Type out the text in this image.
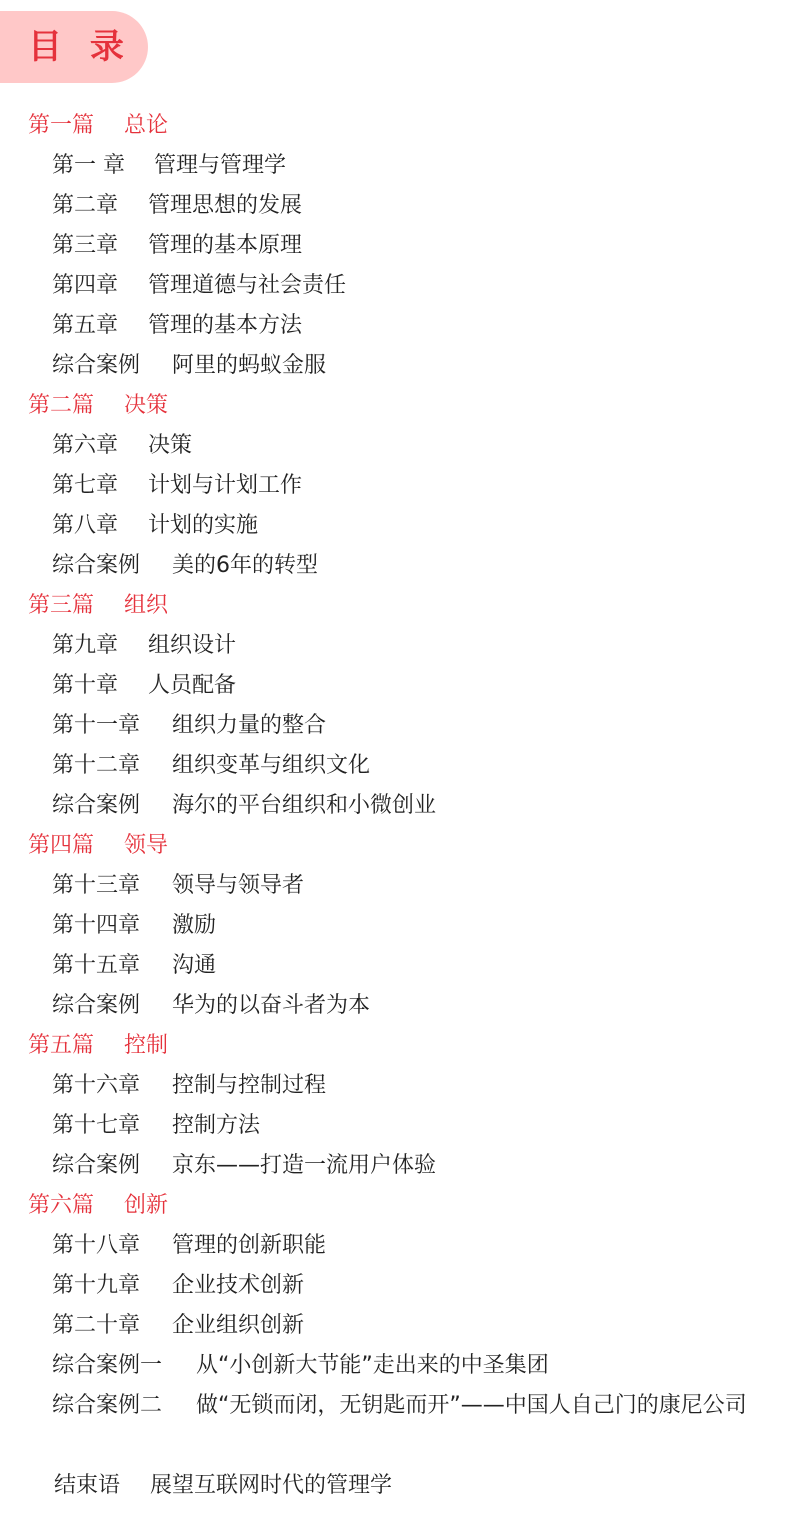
目 录
第一篇 总论
第一 章 管理与管理学
第二章 管理思想的发展
第三章 管理的基本原理
第四章 管理道德与社会责任
第五章 管理的基本方法
综合案例 阿里的蚂蚁金服
第二篇 决策
第六章 决策
第七章 计划与计划工作
第八章 计划的实施
综合案例 美的6年的转型
第三篇 组织
第九章 组织设计
第十章 人员配备
第十一章 组织力量的整合
第十二章 组织变革与组织文化
综合案例 海尔的平台组织和小微创业
第四篇 领导
第十三章 领导与领导者
第十四章 激励
第十五章 沟通
综合案例 华为的以奋斗者为本
第五篇 控制
第十六章 控制与控制过程
第十七章 控制方法
综合案例 京东——打造一流用户体验
第六篇 创新
第十八章 管理的创新职能
第十九章 企业技术创新
第二十章 企业组织创新
综合案例一 从“小创新大节能”走出来的中圣集团
综合案例二 做“无锁而闭，无钥匙而开”——中国人自己门的康尼公司
结束语 展望互联网时代的管理学
